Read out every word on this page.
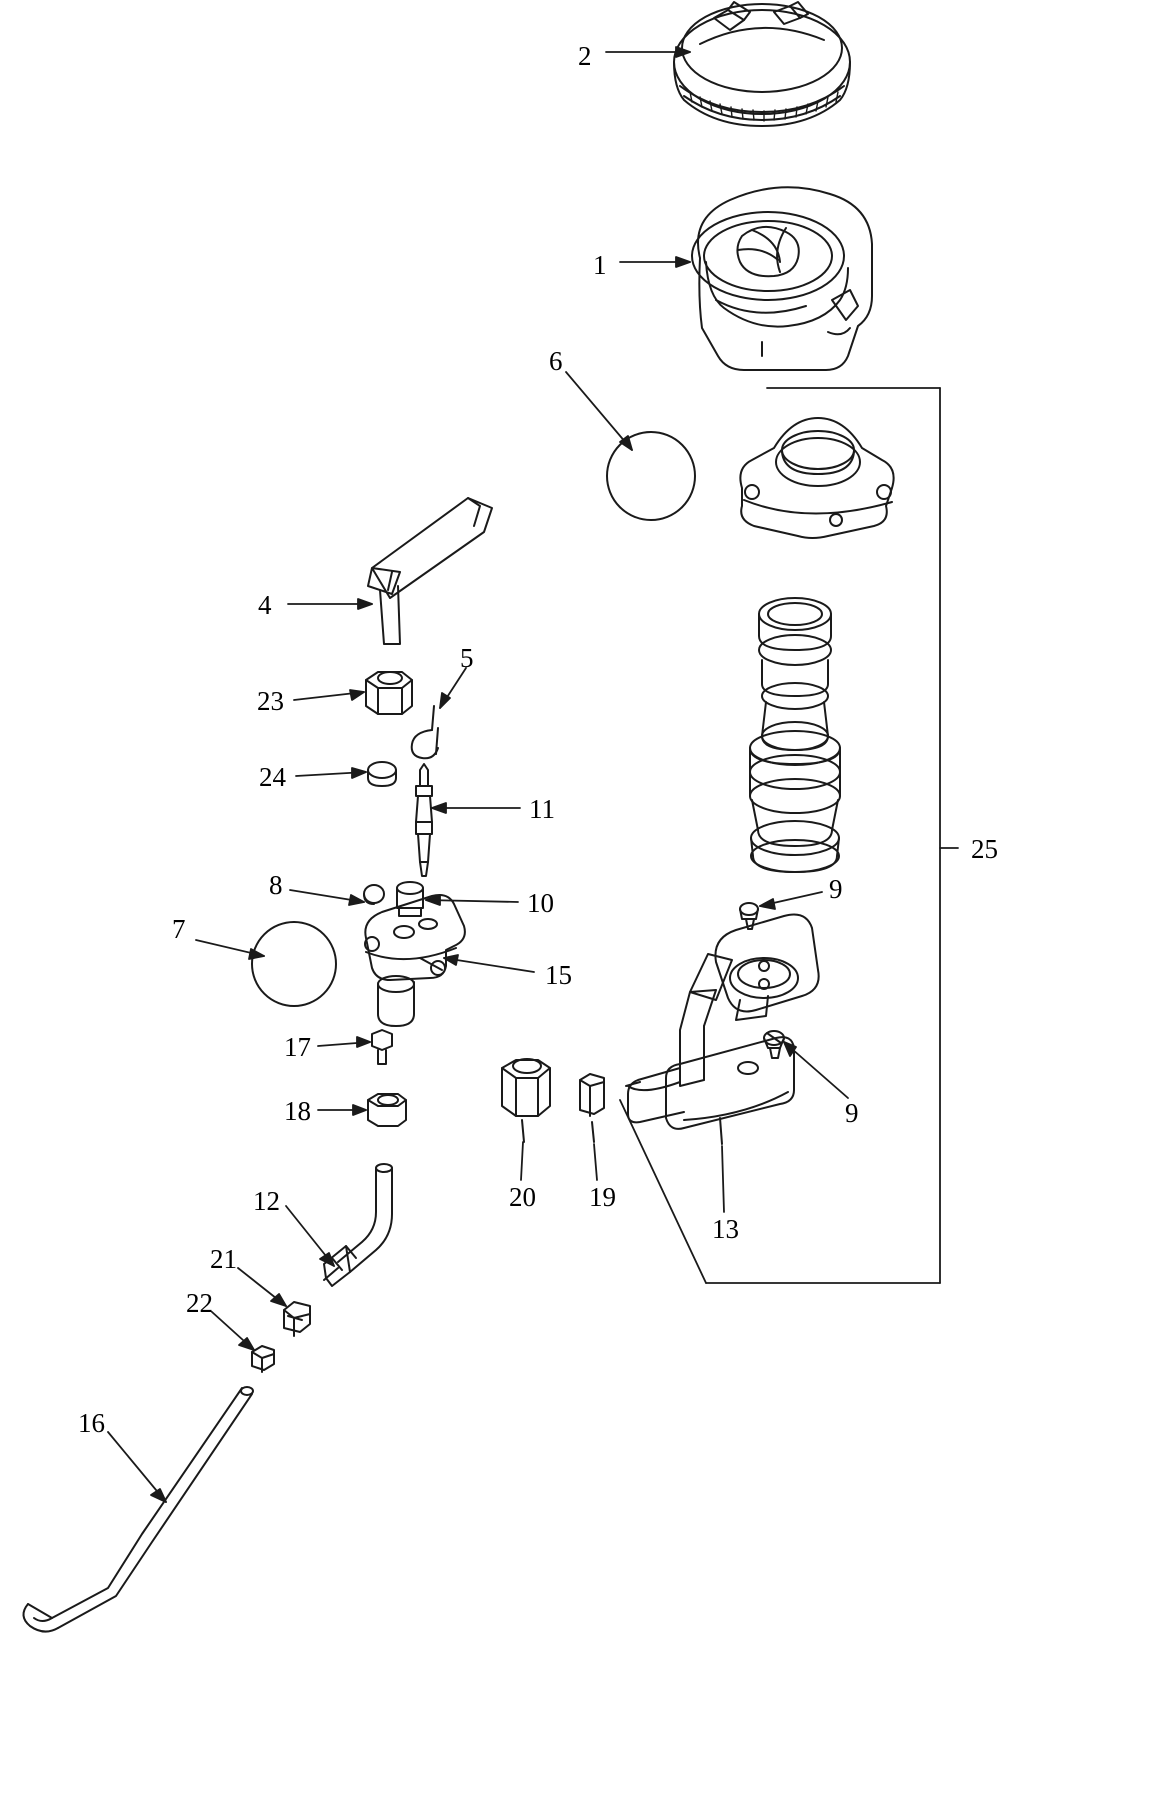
2
1
6
4
5
23
24
11
8
10
7
15
9
9
17
18
20 19
13
25
12
21
22
16
